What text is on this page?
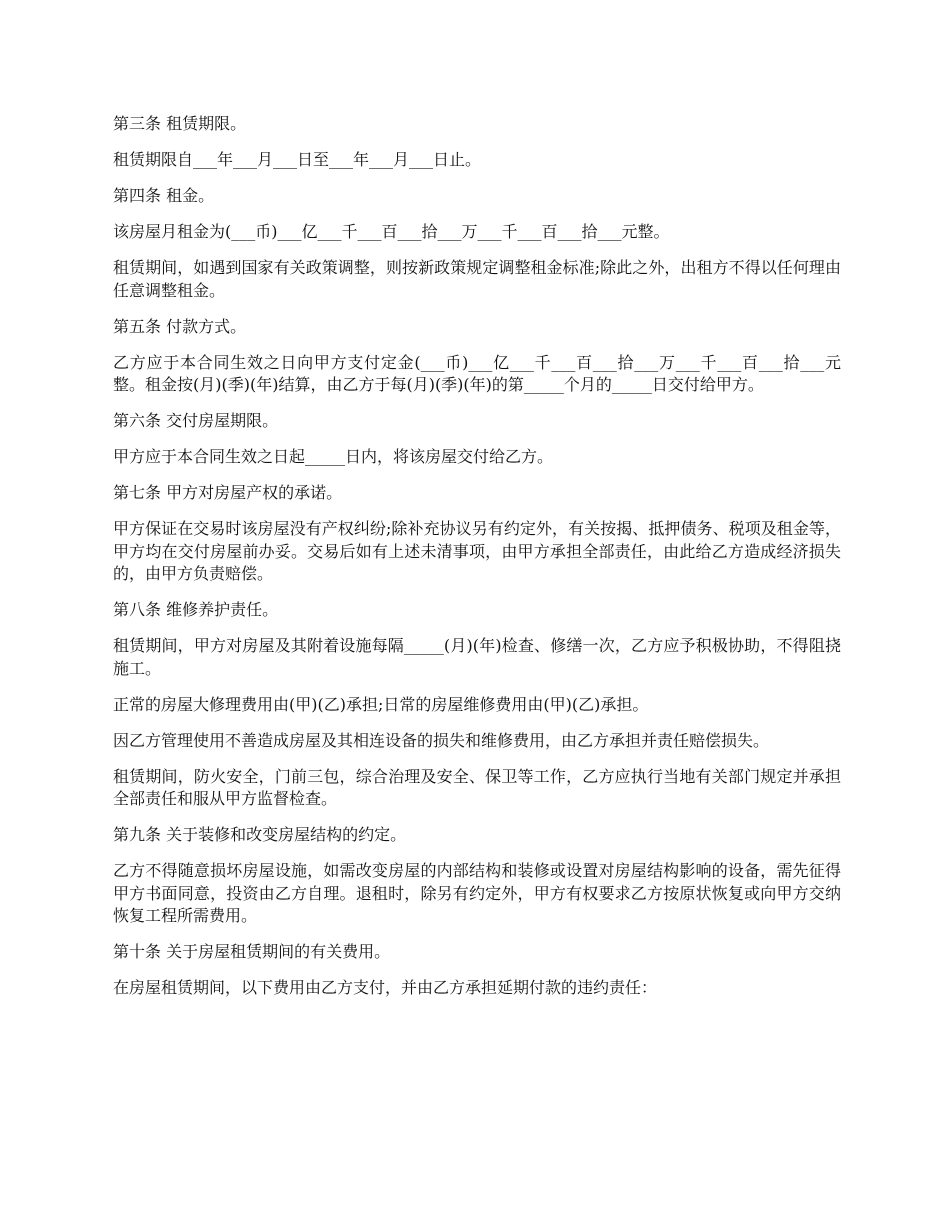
第三条 租赁期限。

租赁期限自___年___月___日至___年___月___日止。

第四条 租金。

该房屋月租金为(___币)___亿___千___百___拾___万___千___百___拾___元整。

租赁期间，如遇到国家有关政策调整，则按新政策规定调整租金标准;除此之外，出租方不得以任何理由任意调整租金。

第五条 付款方式。

乙方应于本合同生效之日向甲方支付定金(___币)___亿___千___百___拾___万___千___百___拾___元整。租金按(月)(季)(年)结算，由乙方于每(月)(季)(年)的第_____个月的_____日交付给甲方。

第六条 交付房屋期限。

甲方应于本合同生效之日起_____日内，将该房屋交付给乙方。

第七条 甲方对房屋产权的承诺。

甲方保证在交易时该房屋没有产权纠纷;除补充协议另有约定外，有关按揭、抵押债务、税项及租金等，甲方均在交付房屋前办妥。交易后如有上述未清事项，由甲方承担全部责任，由此给乙方造成经济损失的，由甲方负责赔偿。

第八条 维修养护责任。

租赁期间，甲方对房屋及其附着设施每隔_____(月)(年)检查、修缮一次，乙方应予积极协助，不得阻挠施工。

正常的房屋大修理费用由(甲)(乙)承担;日常的房屋维修费用由(甲)(乙)承担。

因乙方管理使用不善造成房屋及其相连设备的损失和维修费用，由乙方承担并责任赔偿损失。

租赁期间，防火安全，门前三包，综合治理及安全、保卫等工作，乙方应执行当地有关部门规定并承担全部责任和服从甲方监督检查。

第九条 关于装修和改变房屋结构的约定。

乙方不得随意损坏房屋设施，如需改变房屋的内部结构和装修或设置对房屋结构影响的设备，需先征得甲方书面同意，投资由乙方自理。退租时，除另有约定外，甲方有权要求乙方按原状恢复或向甲方交纳恢复工程所需费用。

第十条 关于房屋租赁期间的有关费用。

在房屋租赁期间，以下费用由乙方支付，并由乙方承担延期付款的违约责任：
